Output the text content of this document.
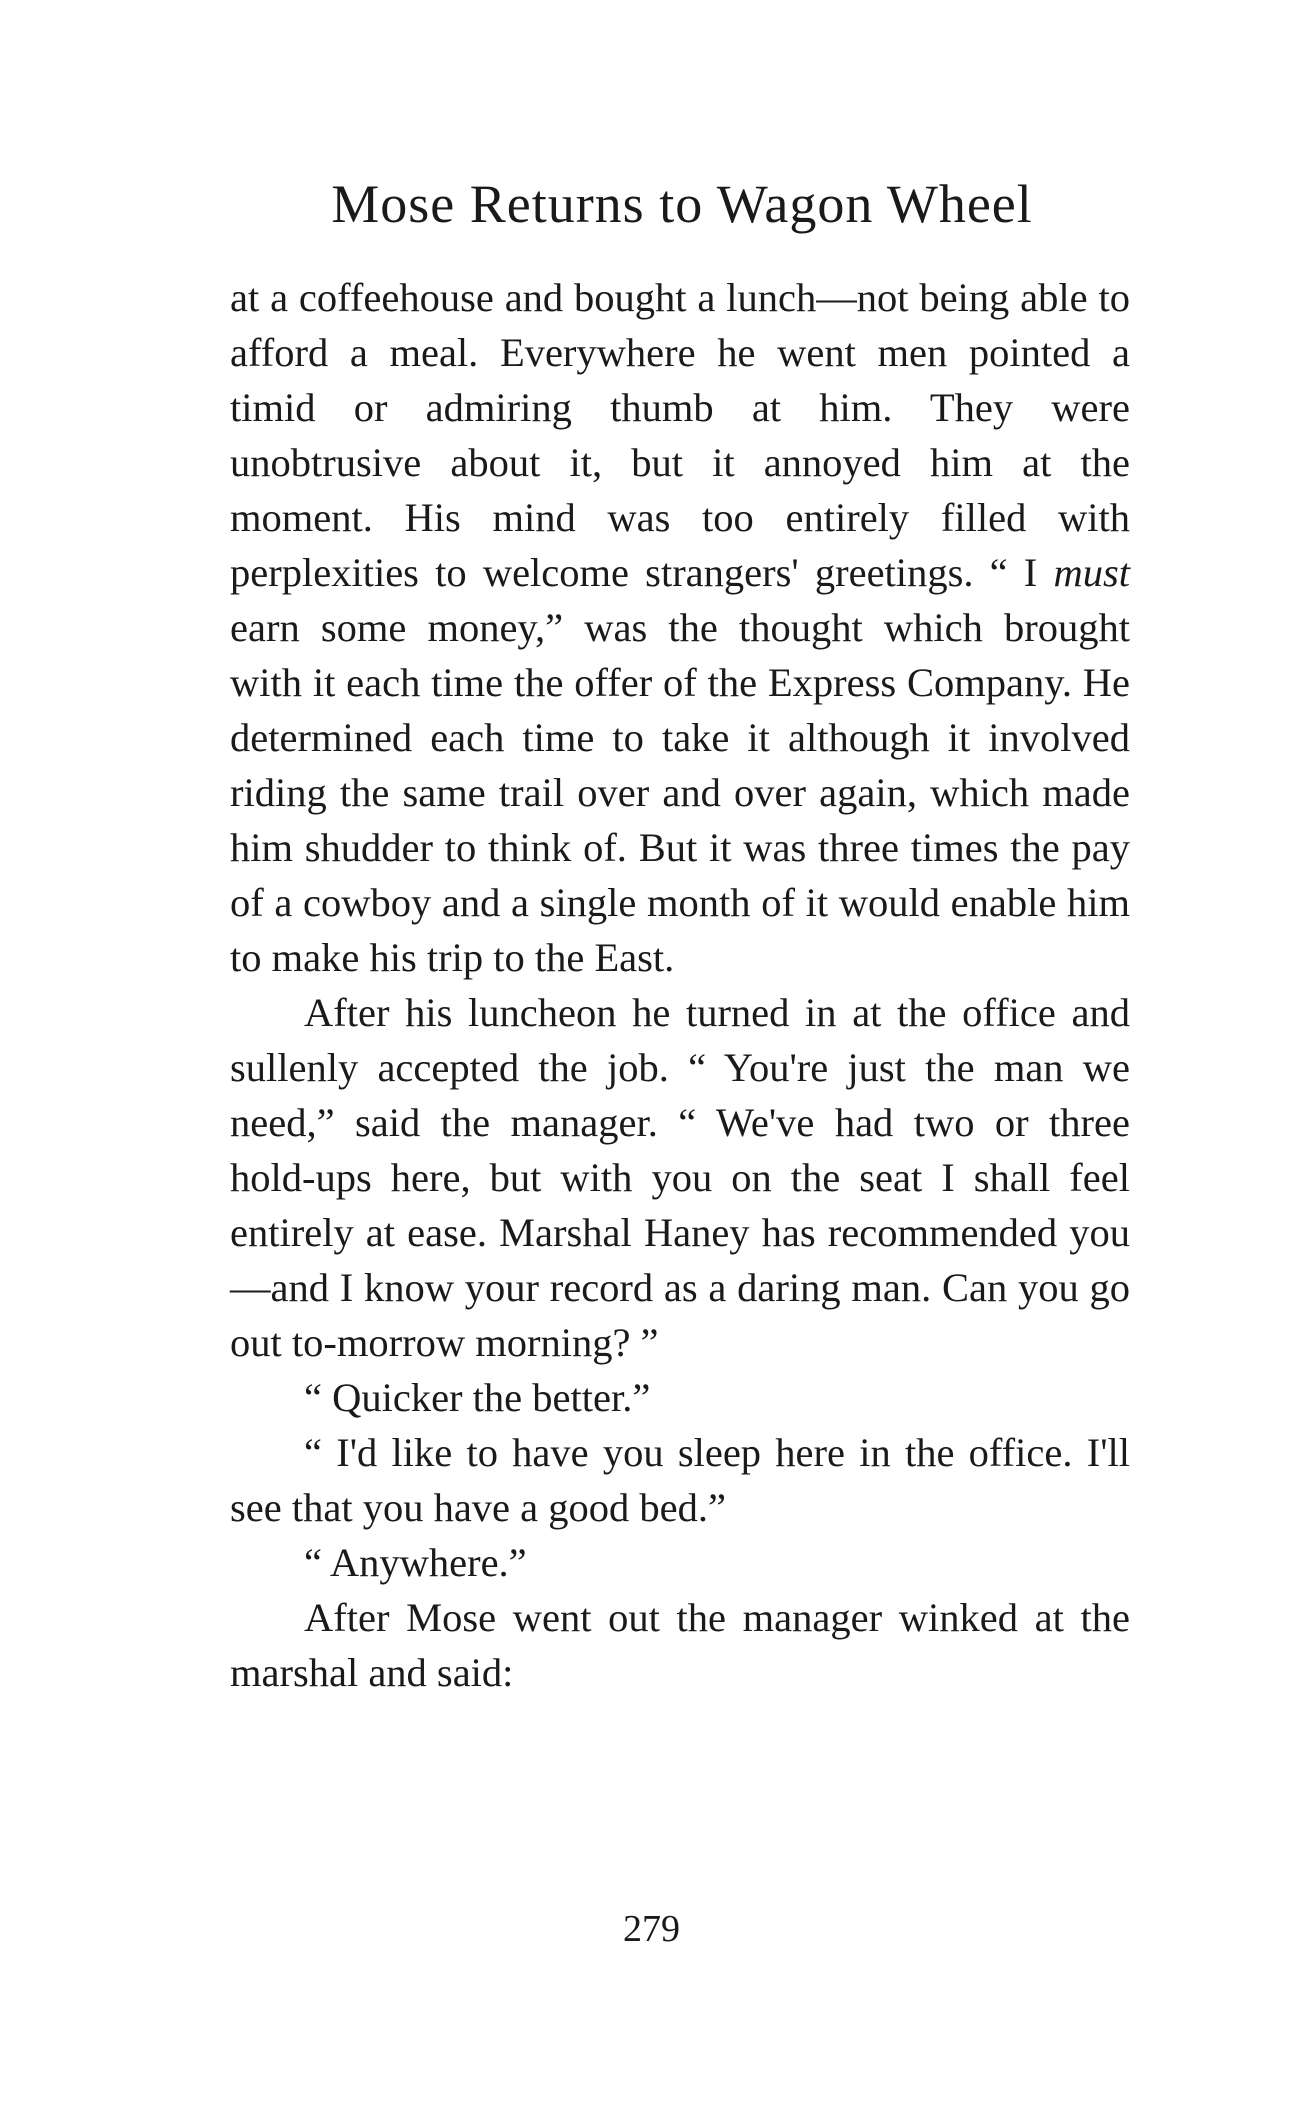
Mose Returns to Wagon Wheel

at a coffeehouse and bought a lunch—not being able to afford a meal. Everywhere he went men pointed a timid or admiring thumb at him. They were unobtrusive about it, but it annoyed him at the moment. His mind was too entirely filled with perplexities to welcome strangers' greetings. “ I must earn some money,” was the thought which brought with it each time the offer of the Express Company. He determined each time to take it although it involved riding the same trail over and over again, which made him shudder to think of. But it was three times the pay of a cowboy and a single month of it would enable him to make his trip to the East.

After his luncheon he turned in at the office and sullenly accepted the job. “ You're just the man we need,” said the manager. “ We've had two or three hold-ups here, but with you on the seat I shall feel entirely at ease. Marshal Haney has recommended you—and I know your record as a daring man. Can you go out to-morrow morning? ”

“ Quicker the better.”

“ I'd like to have you sleep here in the office. I'll see that you have a good bed.”

“ Anywhere.”

After Mose went out the manager winked at the marshal and said:

279
